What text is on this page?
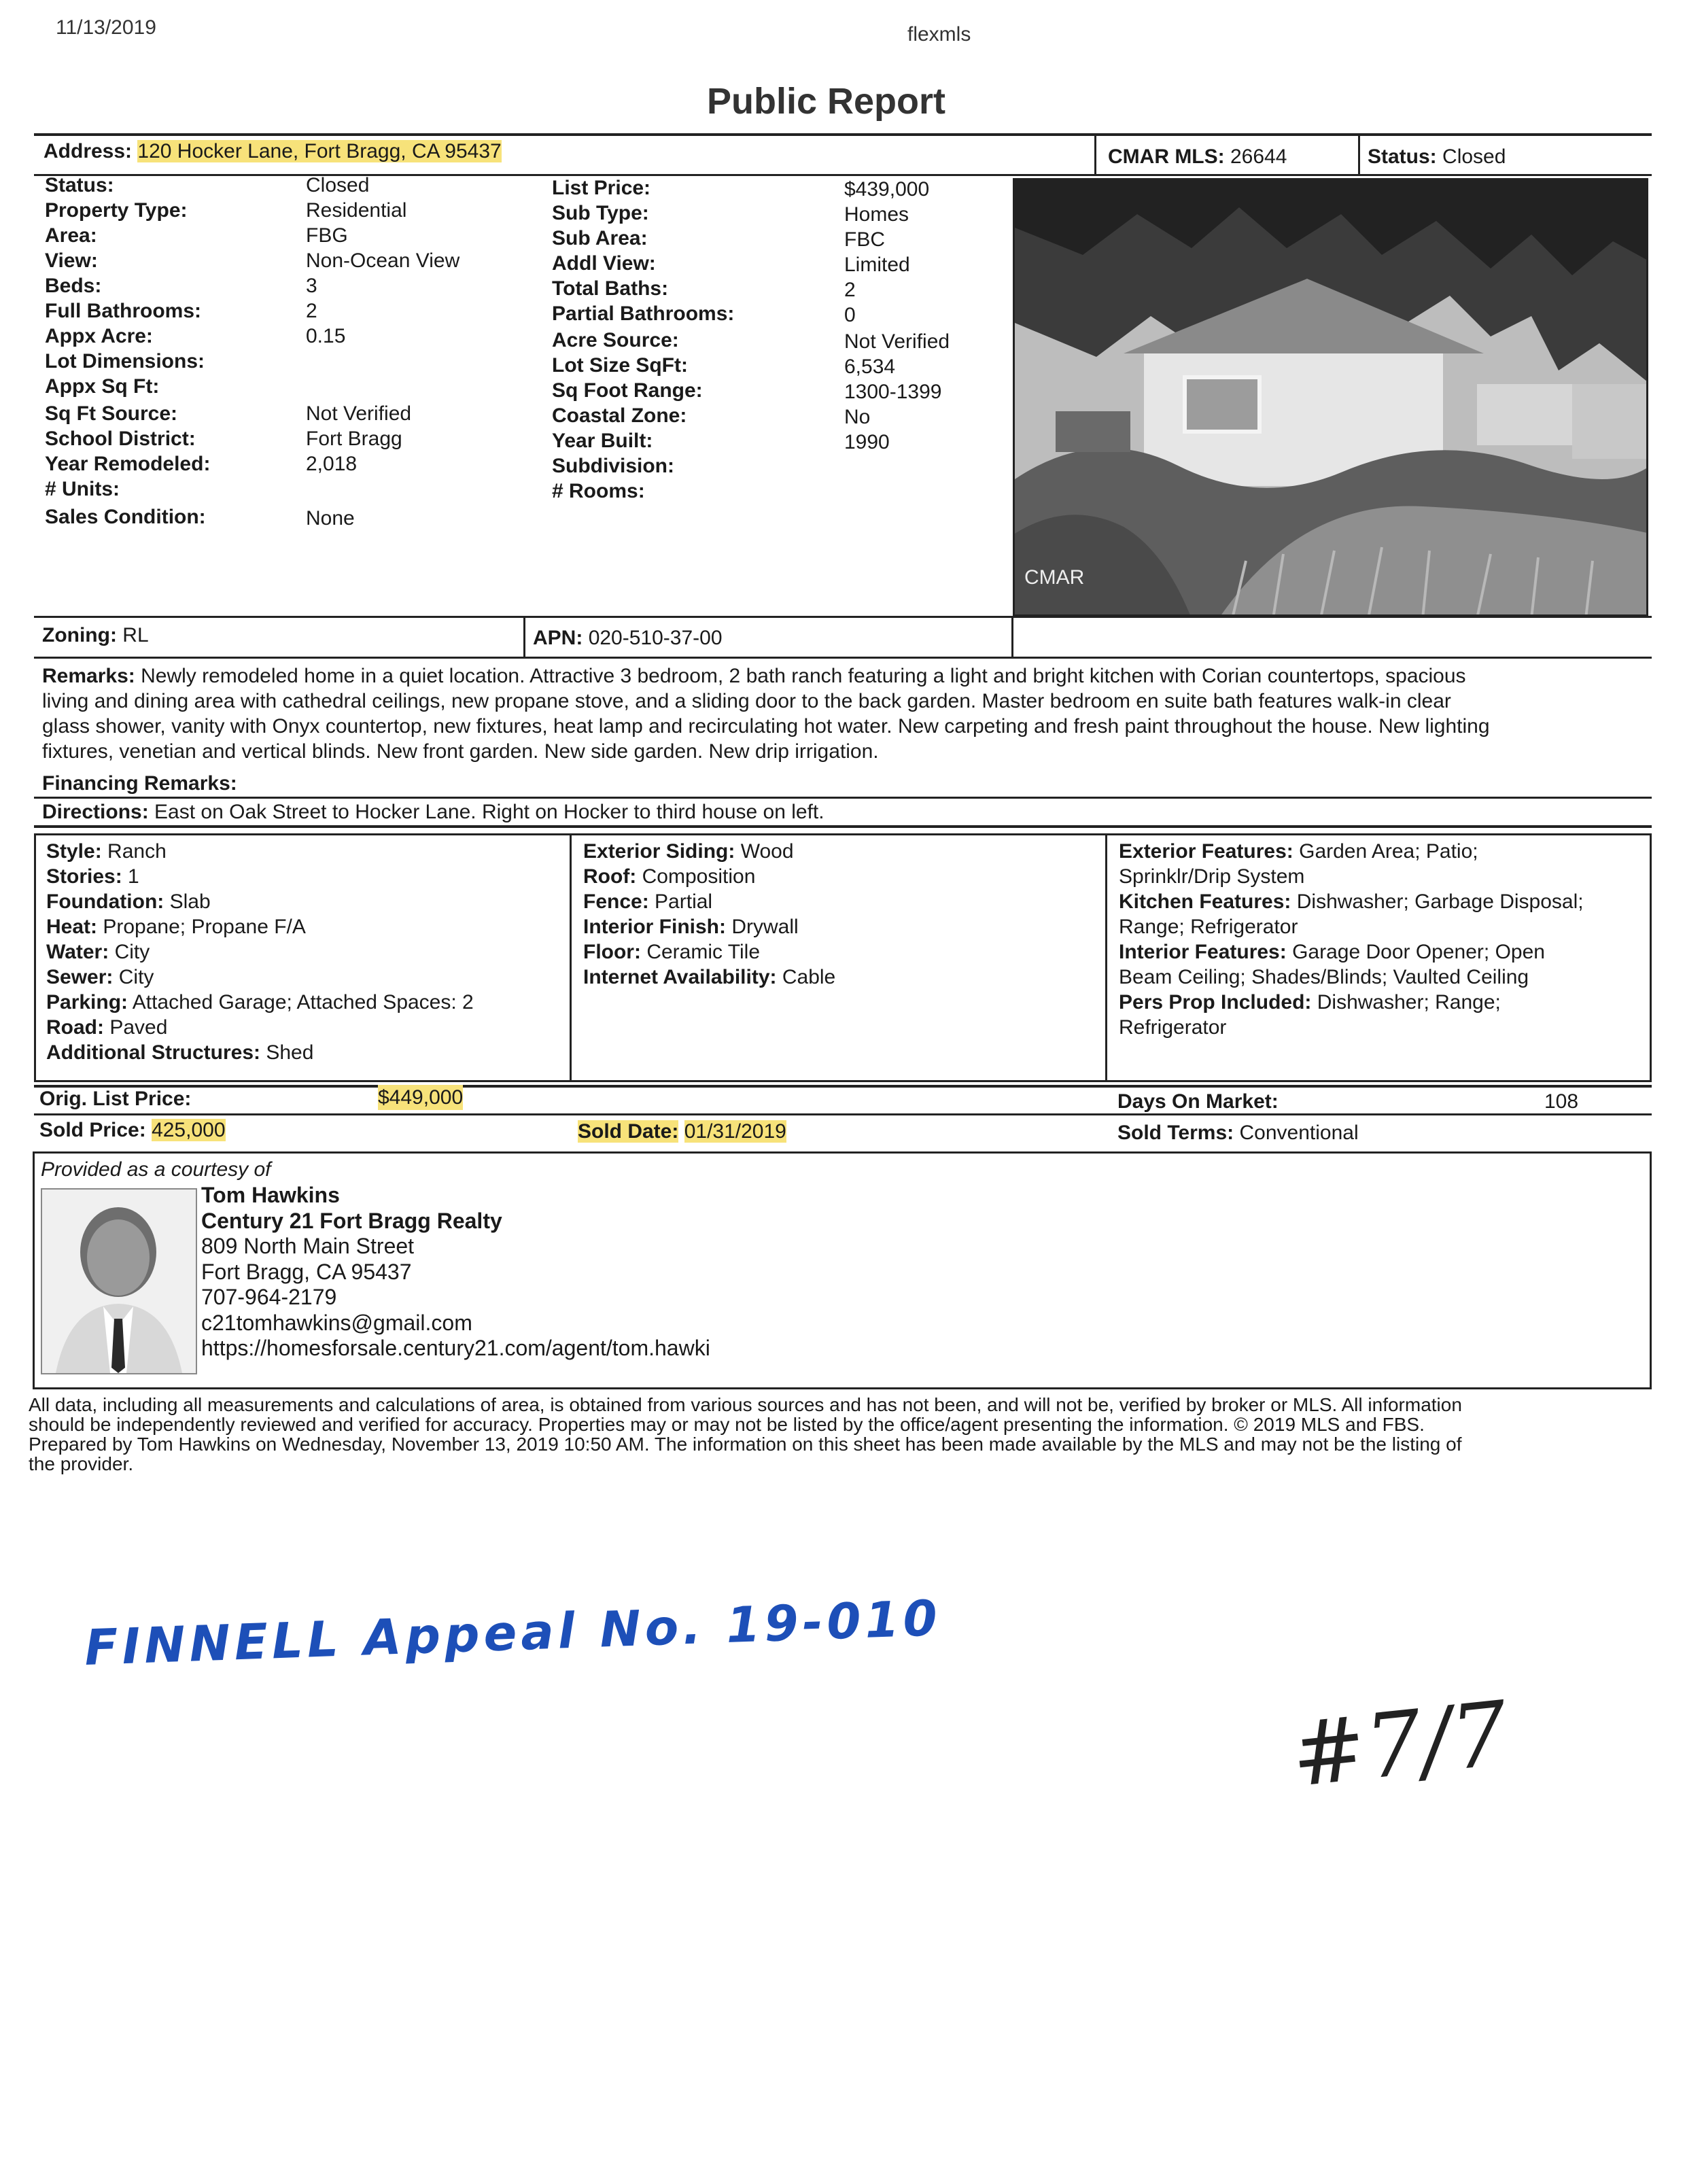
11/13/2019	flexmls
Public Report
Address: 120 Hocker Lane, Fort Bragg, CA 95437	CMAR MLS: 26644	Status: Closed
Status:	Closed
Property Type:	Residential
Area:	FBG
View:	Non-Ocean View
Beds:	3
Full Bathrooms:	2
Appx Acre:	0.15
Lot Dimensions:
Appx Sq Ft:
Sq Ft Source:	Not Verified
School District:	Fort Bragg
Year Remodeled:	2,018
# Units:
Sales Condition:	None
List Price:	$439,000
Sub Type:	Homes
Sub Area:	FBC
Addl View:	Limited
Total Baths:	2
Partial Bathrooms:	0
Acre Source:	Not Verified
Lot Size SqFt:	6,534
Sq Foot Range:	1300-1399
Coastal Zone:	No
Year Built:	1990
Subdivision:
# Rooms:
CMAR
Zoning: RL	APN: 020-510-37-00
Remarks: Newly remodeled home in a quiet location. Attractive 3 bedroom, 2 bath ranch featuring a light and bright kitchen with Corian countertops, spacious
living and dining area with cathedral ceilings, new propane stove, and a sliding door to the back garden. Master bedroom en suite bath features walk-in clear
glass shower, vanity with Onyx countertop, new fixtures, heat lamp and recirculating hot water. New carpeting and fresh paint throughout the house. New lighting
fixtures, venetian and vertical blinds. New front garden. New side garden. New drip irrigation.
Financing Remarks:
Directions: East on Oak Street to Hocker Lane. Right on Hocker to third house on left.
Style: Ranch
Stories: 1
Foundation: Slab
Heat: Propane; Propane F/A
Water: City
Sewer: City
Parking: Attached Garage; Attached Spaces: 2
Road: Paved
Additional Structures: Shed
Exterior Siding: Wood
Roof: Composition
Fence: Partial
Interior Finish: Drywall
Floor: Ceramic Tile
Internet Availability: Cable
Exterior Features: Garden Area; Patio;
Sprinklr/Drip System
Kitchen Features: Dishwasher; Garbage Disposal;
Range; Refrigerator
Interior Features: Garage Door Opener; Open
Beam Ceiling; Shades/Blinds; Vaulted Ceiling
Pers Prop Included: Dishwasher; Range;
Refrigerator
Orig. List Price:	$449,000	Days On Market:	108
Sold Price: 425,000	Sold Date: 01/31/2019	Sold Terms: Conventional
Provided as a courtesy of
Tom Hawkins
Century 21 Fort Bragg Realty
809 North Main Street
Fort Bragg, CA 95437
707-964-2179
c21tomhawkins@gmail.com
https://homesforsale.century21.com/agent/tom.hawki
All data, including all measurements and calculations of area, is obtained from various sources and has not been, and will not be, verified by broker or MLS. All information
should be independently reviewed and verified for accuracy. Properties may or may not be listed by the office/agent presenting the information. © 2019 MLS and FBS.
Prepared by Tom Hawkins on Wednesday, November 13, 2019 10:50 AM. The information on this sheet has been made available by the MLS and may not be the listing of
the provider.
FINNELL Appeal No. 19-010
#7/7
